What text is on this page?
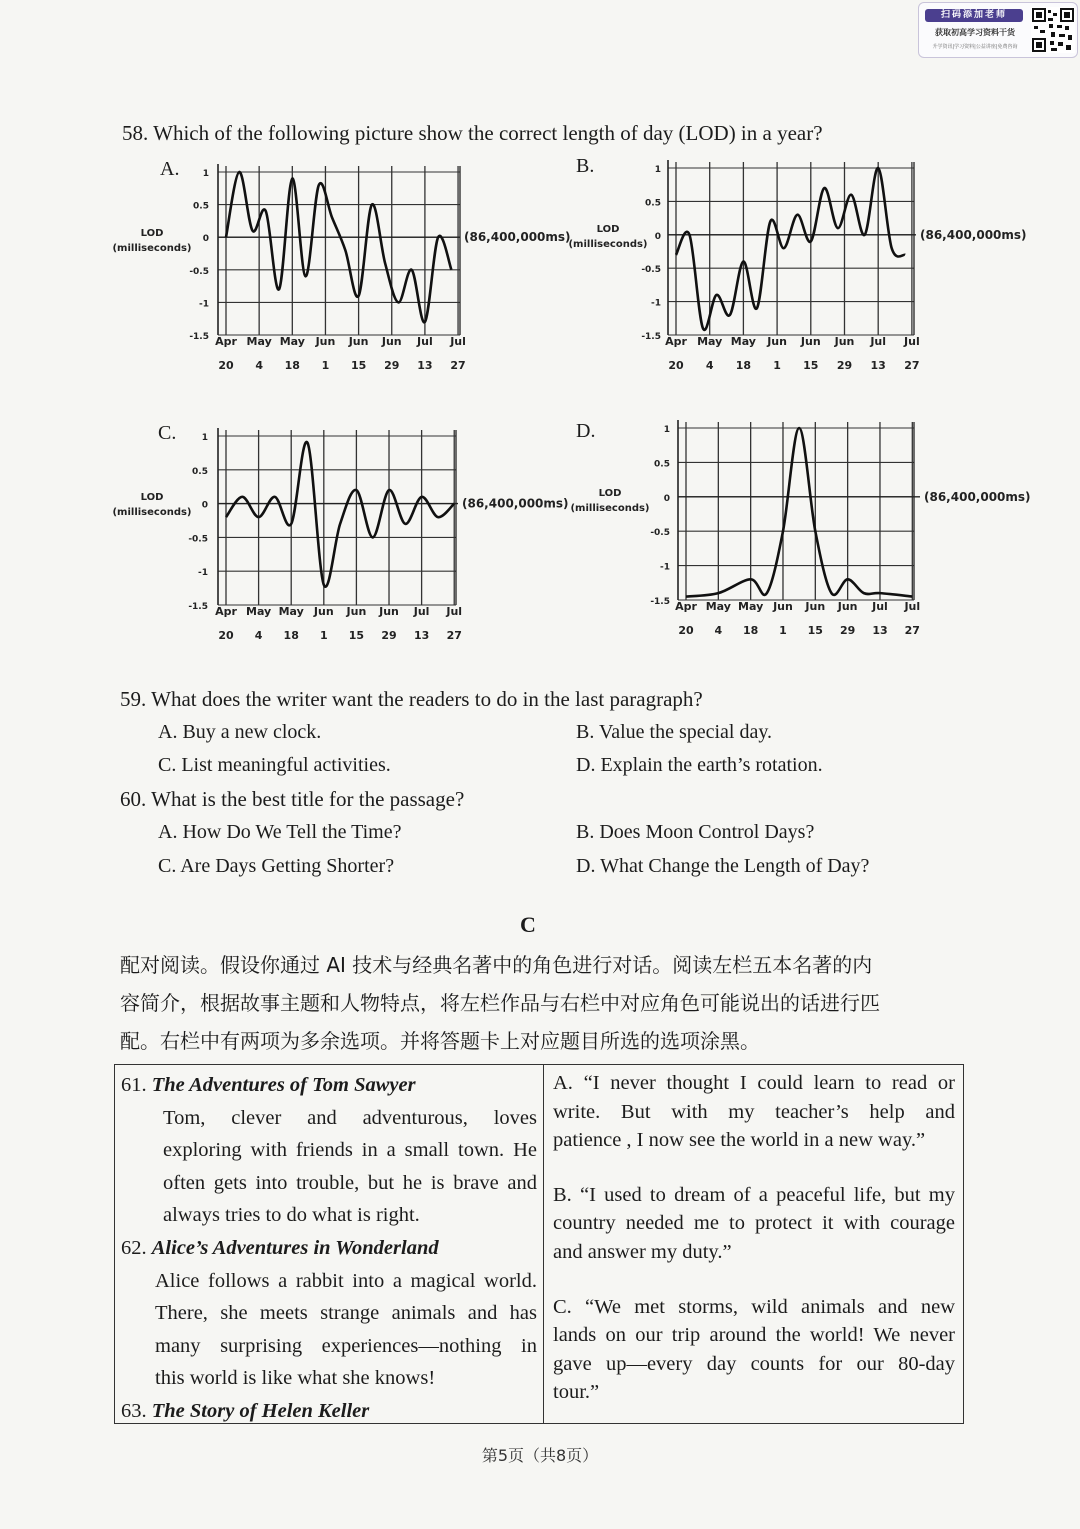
扫码添加老师
获取初高学习资料干货
升学资讯|学习资料|公益讲座|免费咨询
58. Which of the following picture show the correct length of day (LOD) in a year?
A.	B.
C.	D.
Apr
20
May
4
May
18
Jun
1
Jun
15
Jun
29
Jul
13
Jul
27
1
0.5
0
-0.5
-1
-1.5
(86,400,000ms)
LOD
(milliseconds)
Apr
20
May
4
May
18
Jun
1
Jun
15
Jun
29
Jul
13
Jul
27
1
0.5
0
-0.5
-1
-1.5
(86,400,000ms)
LOD
(milliseconds)
Apr
20
May
4
May
18
Jun
1
Jun
15
Jun
29
Jul
13
Jul
27
1
0.5
0
-0.5
-1
-1.5
(86,400,000ms)
LOD
(milliseconds)
Apr
20
May
4
May
18
Jun
1
Jun
15
Jun
29
Jul
13
Jul
27
1
0.5
0
-0.5
-1
-1.5
(86,400,000ms)
LOD
(milliseconds)
59. What does the writer want the readers to do in the last paragraph?
A. Buy a new clock.	B. Value the special day.
C. List meaningful activities.	D. Explain the earth’s rotation.
60. What is the best title for the passage?
A. How Do We Tell the Time?	B. Does Moon Control Days?
C. Are Days Getting Shorter?	D. What Change the Length of Day?
C
配对阅读。假设你通过 AI 技术与经典名著中的角色进行对话。阅读左栏五本名著的内
容简介，根据故事主题和人物特点，将左栏作品与右栏中对应角色可能说出的话进行匹
配。右栏中有两项为多余选项。并将答题卡上对应题目所选的选项涂黑。
61. The Adventures of Tom Sawyer
Tom, clever and adventurous, loves
exploring with friends in a small town. He
often gets into trouble, but he is brave and
always tries to do what is right.
62. Alice’s Adventures in Wonderland
Alice follows a rabbit into a magical world.
There, she meets strange animals and has
many surprising experiences—nothing in
this world is like what she knows!
63. The Story of Helen Keller
A. “I never thought I could learn to read or
write. But with my teacher’s help and
patience , I now see the world in a new way.”
B. “I used to dream of a peaceful life, but my
country needed me to protect it with courage
and answer my duty.”
C. “We met storms, wild animals and new
lands on our trip around the world! We never
gave up—every day counts for our 80-day
tour.”
第5页（共8页）
